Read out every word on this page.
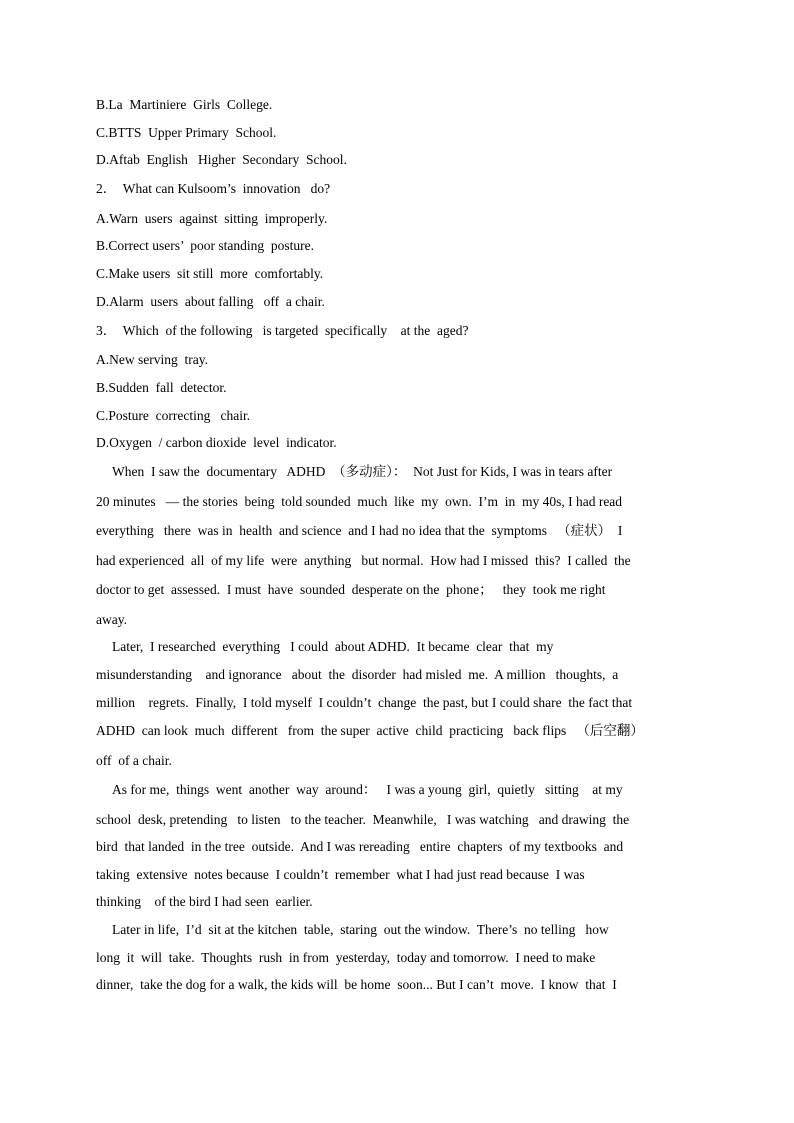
B.La  Martiniere  Girls  College.
C.BTTS  Upper Primary  School.
D.Aftab  English   Higher  Secondary  School.
2．  What can Kulsoom’s  innovation   do?
A.Warn  users  against  sitting  improperly.
B.Correct users’  poor standing  posture.
C.Make users  sit still  more  comfortably.
D.Alarm  users  about falling   off  a chair.
3．  Which  of the following   is targeted  specifically    at the  aged?
A.New serving  tray.
B.Sudden  fall  detector.
C.Posture  correcting   chair.
D.Oxygen  / carbon dioxide  level  indicator.
When  I saw the  documentary   ADHD  （多动症）：  Not Just for Kids, I was in tears after
20 minutes   — the stories  being  told sounded  much  like  my  own.  I’m  in  my 40s, I had read
everything   there  was in  health  and science  and I had no idea that the  symptoms   （症状）  I
had experienced  all  of my life  were  anything   but normal.  How had I missed  this?  I called  the
doctor to get  assessed.  I must  have  sounded  desperate on the  phone；   they  took me right
away.
Later,  I researched  everything   I could  about ADHD.  It became  clear  that  my
misunderstanding    and ignorance   about  the  disorder  had misled  me.  A million   thoughts,  a
million    regrets.  Finally,  I told myself  I couldn’t  change  the past, but I could share  the fact that
ADHD  can look  much  different   from  the super  active  child  practicing   back flips   （后空翻）
off  of a chair.
As for me,  things  went  another  way  around：   I was a young  girl,  quietly   sitting    at my
school  desk, pretending   to listen   to the teacher.  Meanwhile,   I was watching   and drawing  the
bird  that landed  in the tree  outside.  And I was rereading   entire  chapters  of my textbooks  and
taking  extensive  notes because  I couldn’t  remember  what I had just read because  I was
thinking    of the bird I had seen  earlier.
Later in life,  I’d  sit at the kitchen  table,  staring  out the window.  There’s  no telling   how
long  it  will  take.  Thoughts  rush  in from  yesterday,  today and tomorrow.  I need to make
dinner,  take the dog for a walk, the kids will  be home  soon... But I can’t  move.  I know  that  I
